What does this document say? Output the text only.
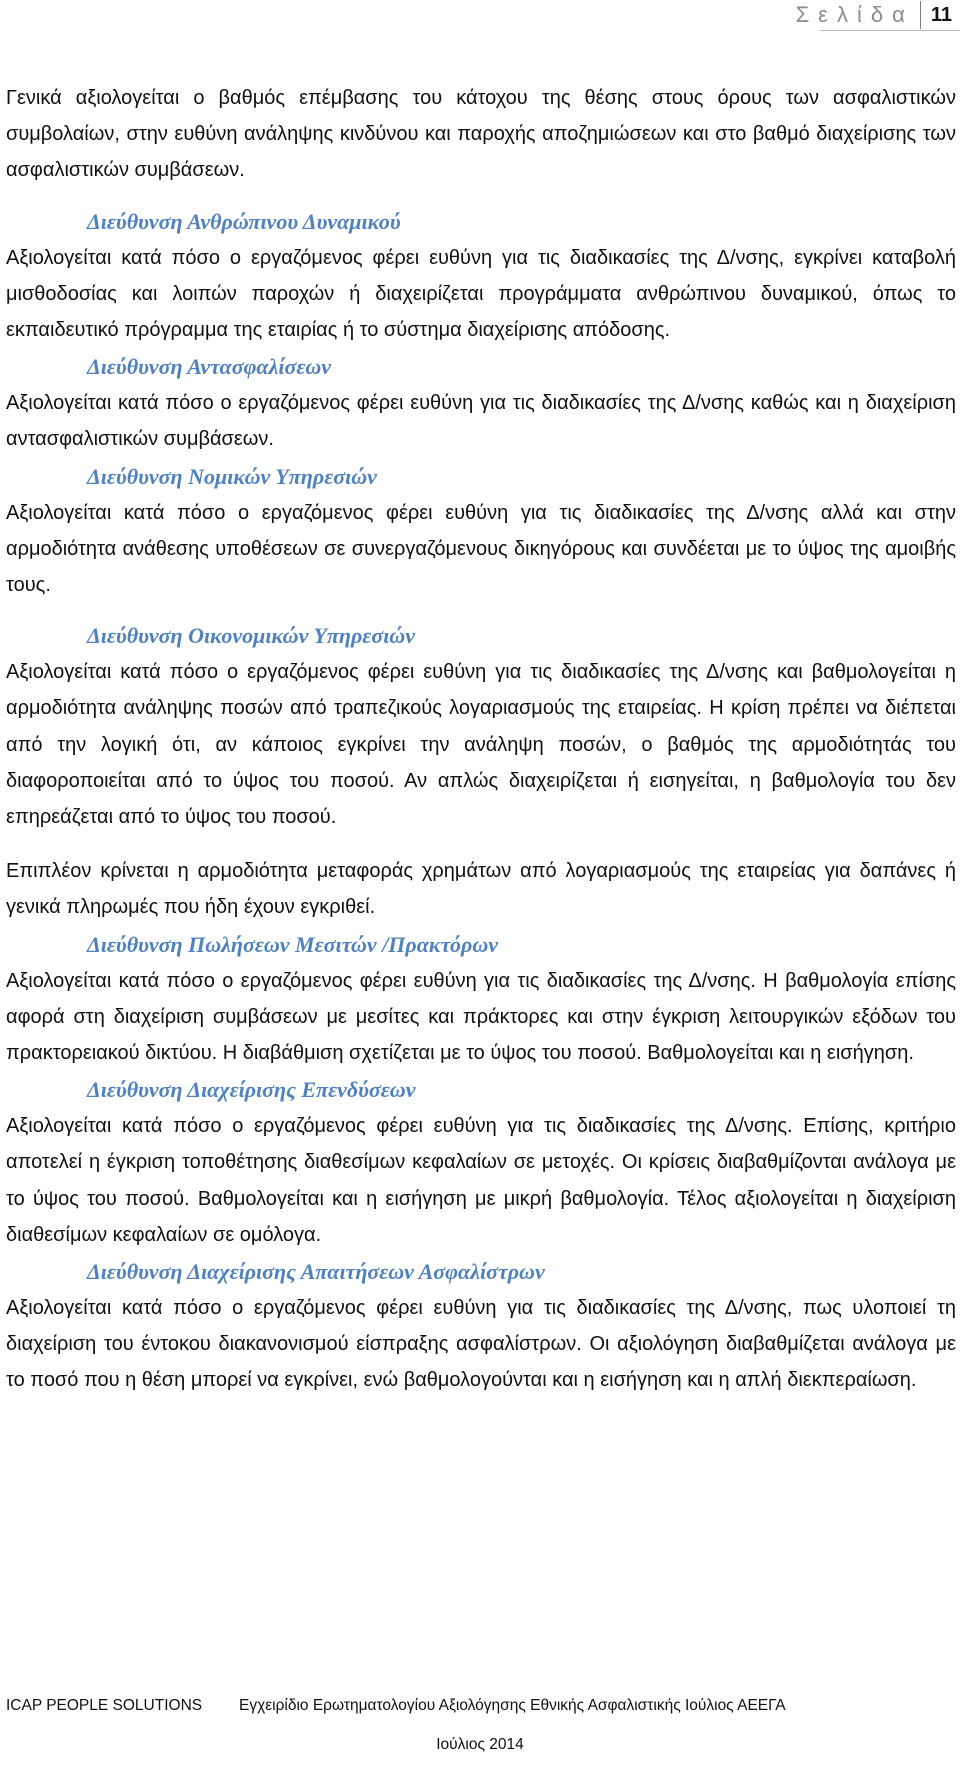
Σελίδα 11

Γενικά αξιολογείται ο βαθμός επέμβασης του κάτοχου της θέσης στους όρους των ασφαλιστικών συμβολαίων, στην ευθύνη ανάληψης κινδύνου και παροχής αποζημιώσεων και στο βαθμό διαχείρισης των ασφαλιστικών συμβάσεων.

Διεύθυνση Ανθρώπινου Δυναμικού

Αξιολογείται κατά πόσο ο εργαζόμενος φέρει ευθύνη για τις διαδικασίες της Δ/νσης, εγκρίνει καταβολή μισθοδοσίας και λοιπών παροχών ή διαχειρίζεται προγράμματα ανθρώπινου δυναμικού, όπως το εκπαιδευτικό πρόγραμμα της εταιρίας ή το σύστημα διαχείρισης απόδοσης.

Διεύθυνση Αντασφαλίσεων

Αξιολογείται κατά πόσο ο εργαζόμενος φέρει ευθύνη για τις διαδικασίες της Δ/νσης καθώς και η διαχείριση αντασφαλιστικών συμβάσεων.

Διεύθυνση Νομικών Υπηρεσιών

Αξιολογείται κατά πόσο ο εργαζόμενος φέρει ευθύνη για τις διαδικασίες της Δ/νσης αλλά και στην αρμοδιότητα ανάθεσης υποθέσεων σε συνεργαζόμενους δικηγόρους και συνδέεται με το ύψος της αμοιβής τους.

Διεύθυνση Οικονομικών Υπηρεσιών

Αξιολογείται κατά πόσο ο εργαζόμενος φέρει ευθύνη για τις διαδικασίες της Δ/νσης και βαθμολογείται η αρμοδιότητα ανάληψης ποσών από τραπεζικούς λογαριασμούς της εταιρείας. Η κρίση πρέπει να διέπεται από την λογική ότι, αν κάποιος εγκρίνει την ανάληψη ποσών, ο βαθμός της αρμοδιότητάς του διαφοροποιείται από το ύψος του ποσού. Αν απλώς διαχειρίζεται ή εισηγείται, η βαθμολογία του δεν επηρεάζεται από το ύψος του ποσού.

Επιπλέον κρίνεται η αρμοδιότητα μεταφοράς χρημάτων από λογαριασμούς της εταιρείας για δαπάνες ή γενικά πληρωμές που ήδη έχουν εγκριθεί.

Διεύθυνση Πωλήσεων Μεσιτών /Πρακτόρων

Αξιολογείται κατά πόσο ο εργαζόμενος φέρει ευθύνη για τις διαδικασίες της Δ/νσης. Η βαθμολογία επίσης αφορά στη διαχείριση συμβάσεων με μεσίτες και πράκτορες και στην έγκριση λειτουργικών εξόδων του πρακτορειακού δικτύου. Η διαβάθμιση σχετίζεται με το ύψος του ποσού. Βαθμολογείται και η εισήγηση.

Διεύθυνση Διαχείρισης Επενδύσεων

Αξιολογείται κατά πόσο ο εργαζόμενος φέρει ευθύνη για τις διαδικασίες της Δ/νσης. Επίσης, κριτήριο αποτελεί η έγκριση τοποθέτησης διαθεσίμων κεφαλαίων σε μετοχές. Οι κρίσεις διαβαθμίζονται ανάλογα με το ύψος του ποσού. Βαθμολογείται και η εισήγηση με μικρή βαθμολογία. Τέλος αξιολογείται η διαχείριση διαθεσίμων κεφαλαίων σε ομόλογα.

Διεύθυνση Διαχείρισης Απαιτήσεων Ασφαλίστρων

Αξιολογείται κατά πόσο ο εργαζόμενος φέρει ευθύνη για τις διαδικασίες της Δ/νσης, πως υλοποιεί τη διαχείριση του έντοκου διακανονισμού είσπραξης ασφαλίστρων. Οι αξιολόγηση διαβαθμίζεται ανάλογα με το ποσό που η θέση μπορεί να εγκρίνει, ενώ βαθμολογούνται και η εισήγηση και η απλή διεκπεραίωση.

ICAP PEOPLE SOLUTIONS Εγχειρίδιο Ερωτηματολογίου Αξιολόγησης Εθνικής Ασφαλιστικής Ιούλιος ΑΕΕΓΑ
Ιούλιος 2014
